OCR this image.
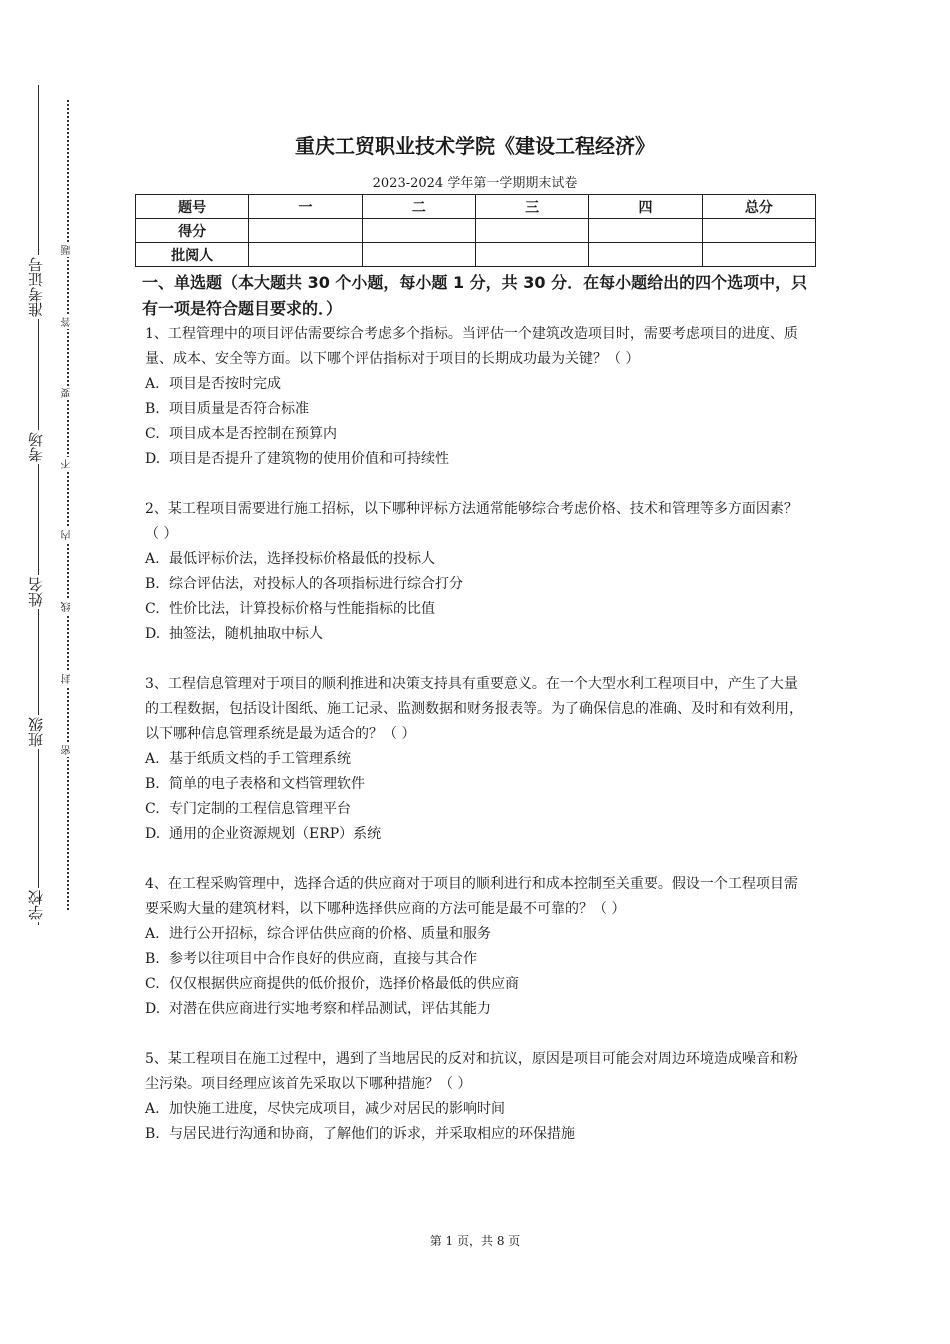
准考证号
考场
姓名
班级
学校
题
答
要
不
内
线
封
密
重庆工贸职业技术学院《建设工程经济》
2023-2024 学年第一学期期末试卷
题号	一	二	三	四	总分
得分					
批阅人					
一、单选题（本大题共 30 个小题，每小题 1 分，共 30 分．在每小题给出的四个选项中，只有一项是符合题目要求的．）
1、工程管理中的项目评估需要综合考虑多个指标。当评估一个建筑改造项目时，需要考虑项目的进度、质量、成本、安全等方面。以下哪个评估指标对于项目的长期成功最为关键？（ ）
A. 项目是否按时完成
B. 项目质量是否符合标准
C. 项目成本是否控制在预算内
D. 项目是否提升了建筑物的使用价值和可持续性
2、某工程项目需要进行施工招标，以下哪种评标方法通常能够综合考虑价格、技术和管理等多方面因素？（ ）
A. 最低评标价法，选择投标价格最低的投标人
B. 综合评估法，对投标人的各项指标进行综合打分
C. 性价比法，计算投标价格与性能指标的比值
D. 抽签法，随机抽取中标人
3、工程信息管理对于项目的顺利推进和决策支持具有重要意义。在一个大型水利工程项目中，产生了大量的工程数据，包括设计图纸、施工记录、监测数据和财务报表等。为了确保信息的准确、及时和有效利用，以下哪种信息管理系统是最为适合的？（ ）
A. 基于纸质文档的手工管理系统
B. 简单的电子表格和文档管理软件
C. 专门定制的工程信息管理平台
D. 通用的企业资源规划（ERP）系统
4、在工程采购管理中，选择合适的供应商对于项目的顺利进行和成本控制至关重要。假设一个工程项目需要采购大量的建筑材料，以下哪种选择供应商的方法可能是最不可靠的？（ ）
A. 进行公开招标，综合评估供应商的价格、质量和服务
B. 参考以往项目中合作良好的供应商，直接与其合作
C. 仅仅根据供应商提供的低价报价，选择价格最低的供应商
D. 对潜在供应商进行实地考察和样品测试，评估其能力
5、某工程项目在施工过程中，遇到了当地居民的反对和抗议，原因是项目可能会对周边环境造成噪音和粉尘污染。项目经理应该首先采取以下哪种措施？（ ）
A. 加快施工进度，尽快完成项目，减少对居民的影响时间
B. 与居民进行沟通和协商，了解他们的诉求，并采取相应的环保措施
第 1 页，共 8 页
